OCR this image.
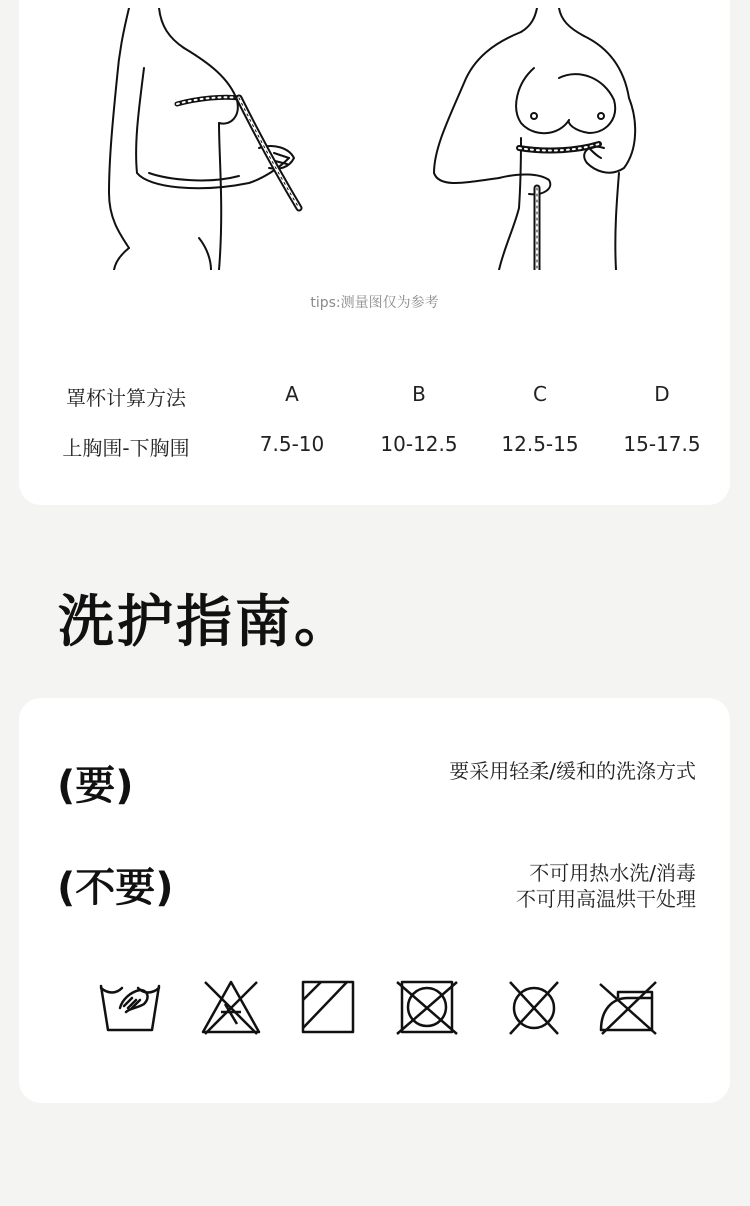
tips:测量图仅为参考
罩杯计算方法	A	B	C	D
上胸围-下胸围	7.5-10	10-12.5 12.5-15 15-17.5
洗护指南。
(要)	要采用轻柔/缓和的洗涤方式
(不要)	不可用热水洗/消毒
不可用高温烘干处理
